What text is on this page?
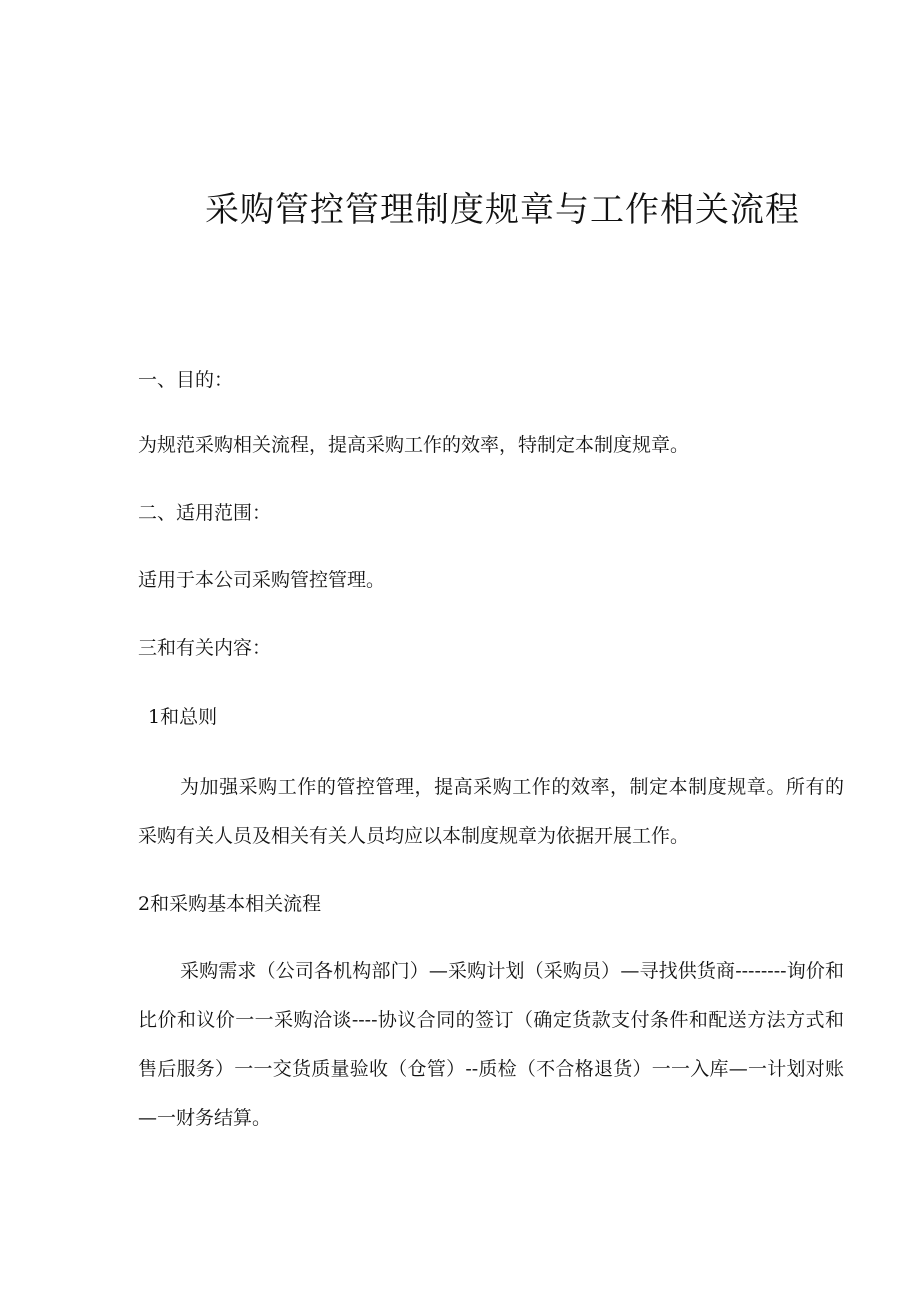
采购管控管理制度规章与工作相关流程
一、目的：
为规范采购相关流程，提高采购工作的效率，特制定本制度规章。
二、适用范围：
适用于本公司采购管控管理。
三和有关内容：
1和总则
为加强采购工作的管控管理，提高采购工作的效率，制定本制度规章。所有的采购有关人员及相关有关人员均应以本制度规章为依据开展工作。
2和采购基本相关流程
采购需求（公司各机构部门）—采购计划（采购员）—寻找供货商--------询价和比价和议价一一采购洽谈----协议合同的签订（确定货款支付条件和配送方法方式和售后服务）一一交货质量验收（仓管）--质检（不合格退货）一一入库—一计划对账—一财务结算。
